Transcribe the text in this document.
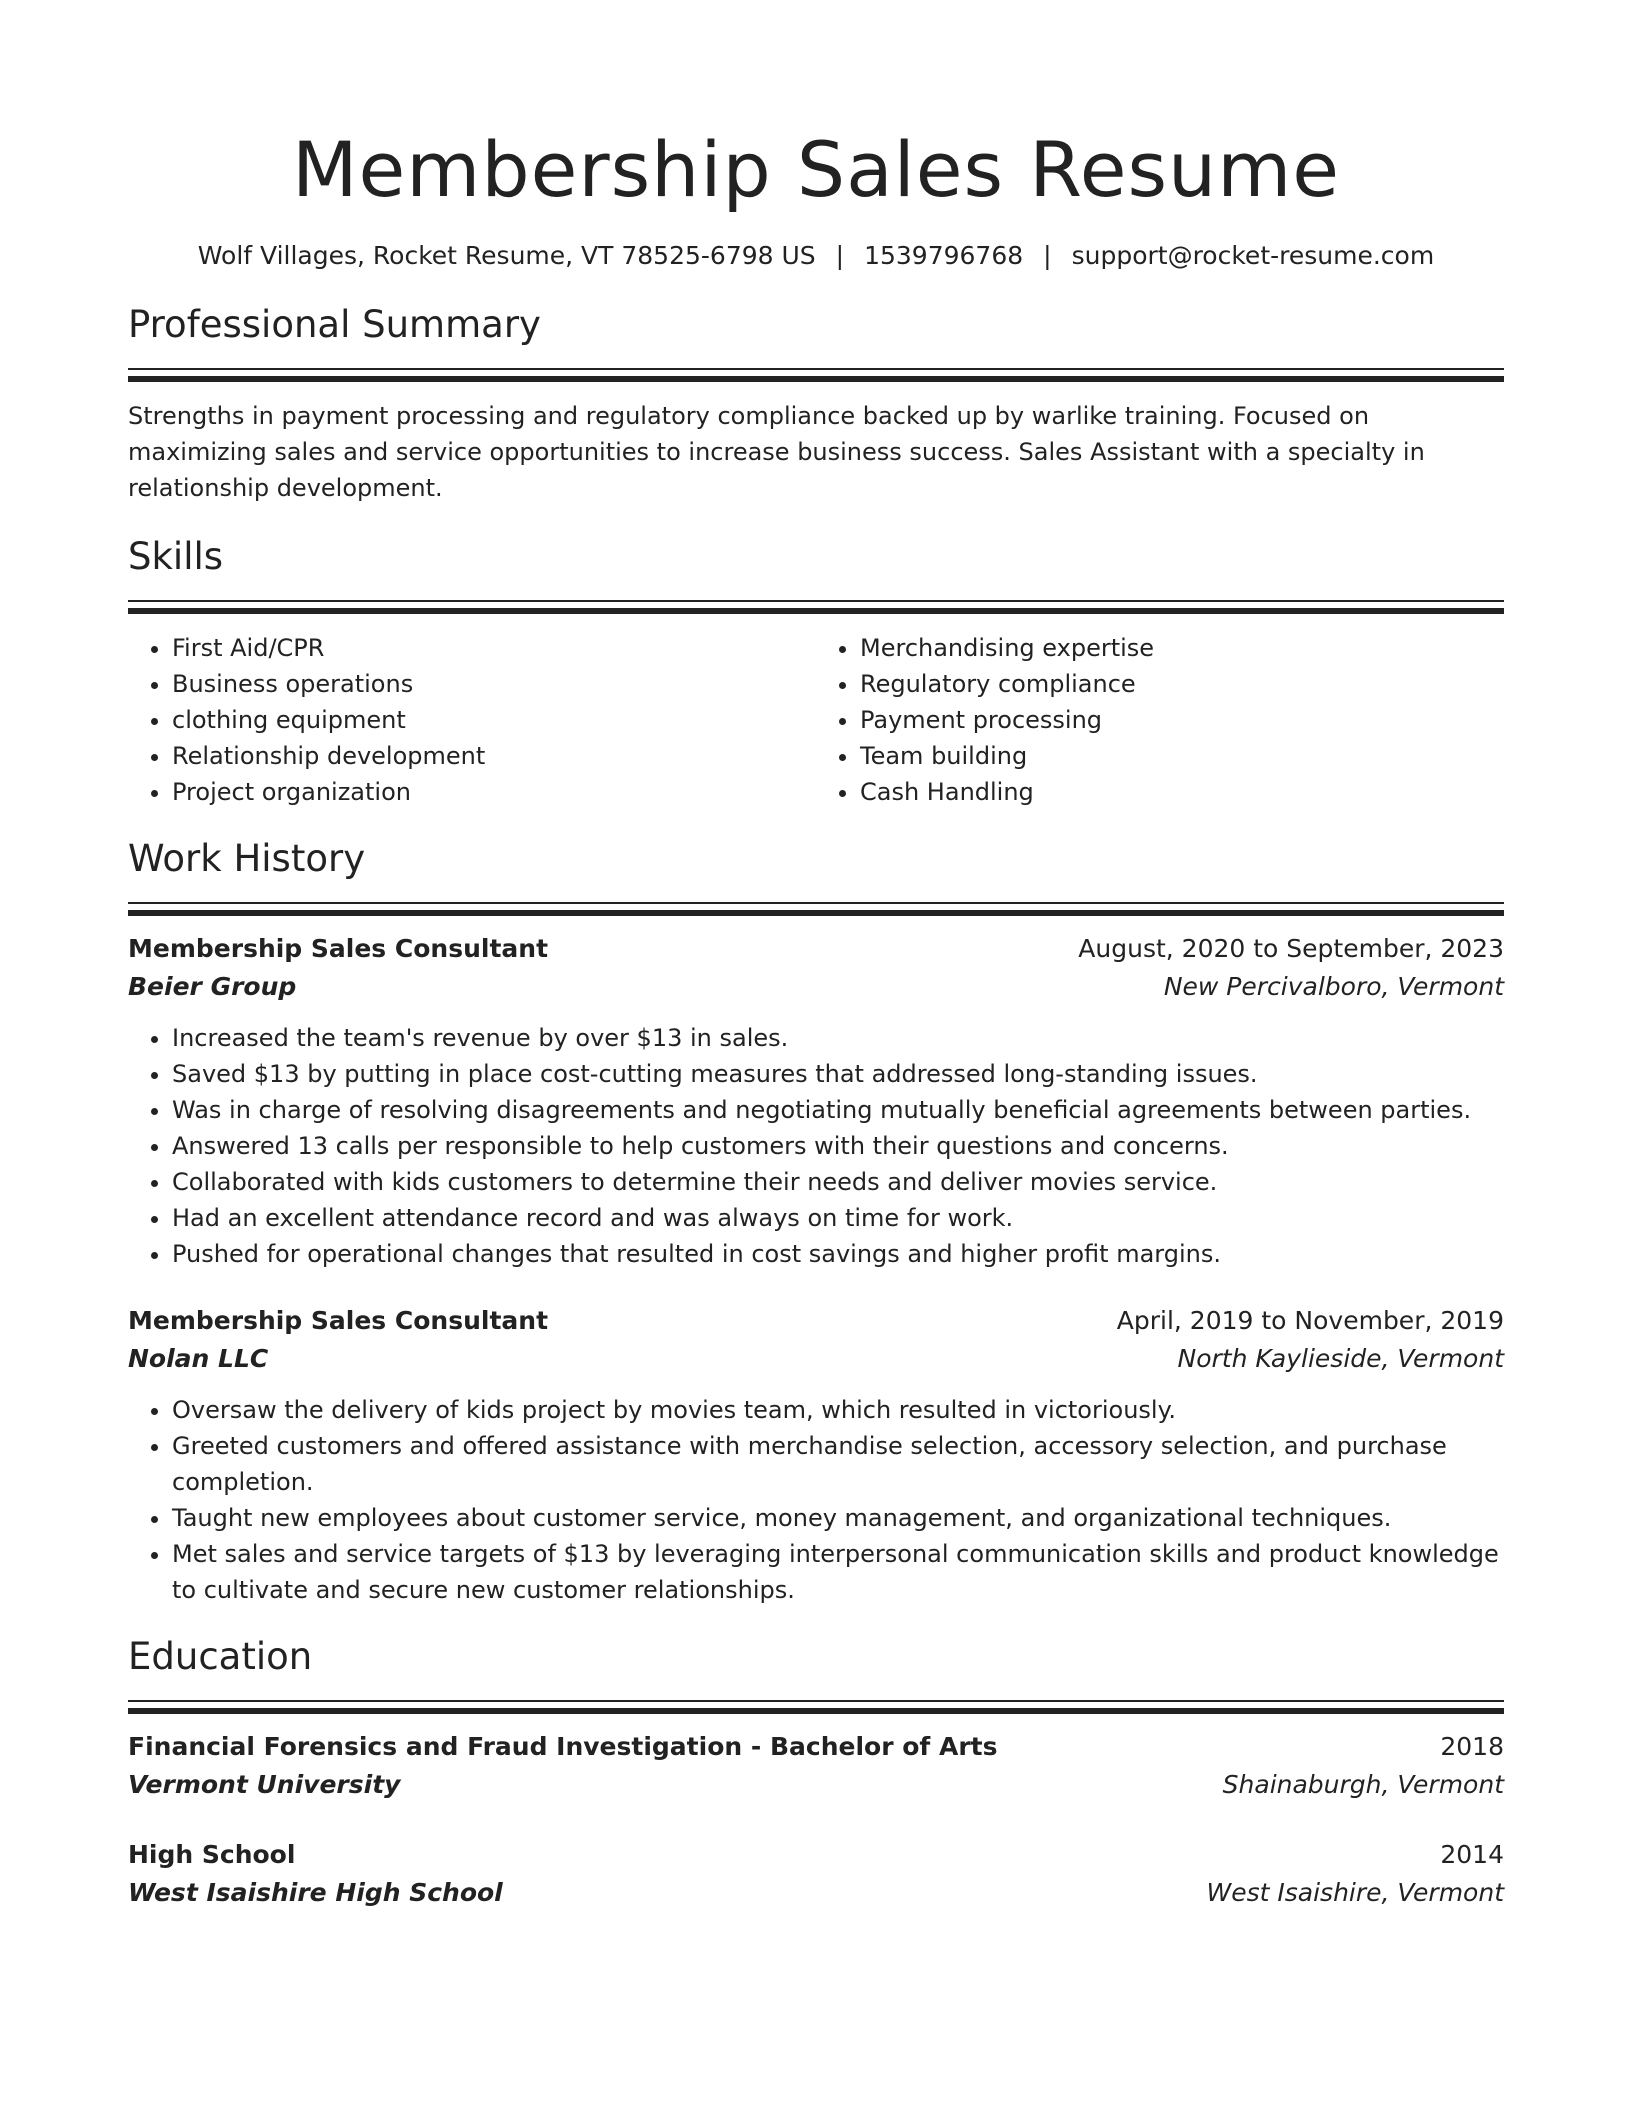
Membership Sales Resume
Wolf Villages, Rocket Resume, VT 78525-6798 US | 1539796768 | support@rocket-resume.com
Professional Summary
Strengths in payment processing and regulatory compliance backed up by warlike training. Focused on maximizing sales and service opportunities to increase business success. Sales Assistant with a specialty in relationship development.
Skills
• First Aid/CPR
• Business operations
• clothing equipment
• Relationship development
• Project organization
• Merchandising expertise
• Regulatory compliance
• Payment processing
• Team building
• Cash Handling
Work History
Membership Sales Consultant	August, 2020 to September, 2023
Beier Group	New Percivalboro, Vermont
• Increased the team's revenue by over $13 in sales.
• Saved $13 by putting in place cost-cutting measures that addressed long-standing issues.
• Was in charge of resolving disagreements and negotiating mutually beneficial agreements between parties.
• Answered 13 calls per responsible to help customers with their questions and concerns.
• Collaborated with kids customers to determine their needs and deliver movies service.
• Had an excellent attendance record and was always on time for work.
• Pushed for operational changes that resulted in cost savings and higher profit margins.
Membership Sales Consultant	April, 2019 to November, 2019
Nolan LLC	North Kaylieside, Vermont
• Oversaw the delivery of kids project by movies team, which resulted in victoriously.
• Greeted customers and offered assistance with merchandise selection, accessory selection, and purchase completion.
• Taught new employees about customer service, money management, and organizational techniques.
• Met sales and service targets of $13 by leveraging interpersonal communication skills and product knowledge to cultivate and secure new customer relationships.
Education
Financial Forensics and Fraud Investigation - Bachelor of Arts	2018
Vermont University	Shainaburgh, Vermont
High School	2014
West Isaishire High School	West Isaishire, Vermont
